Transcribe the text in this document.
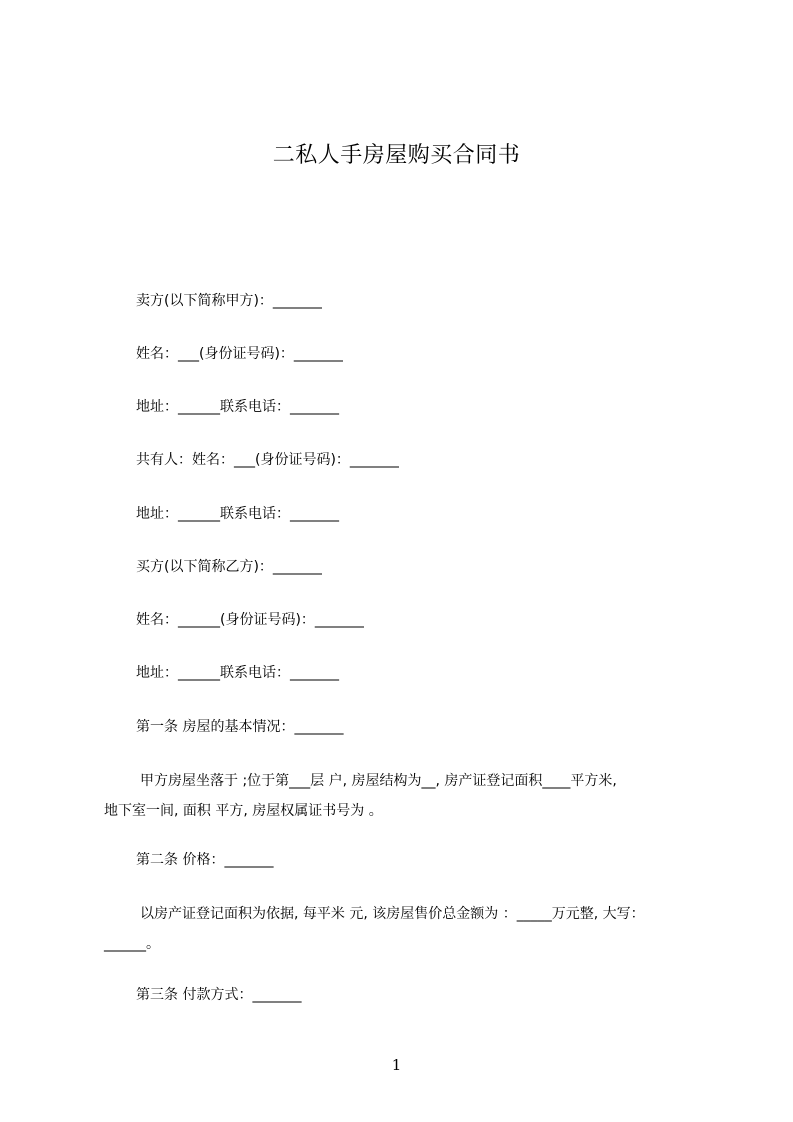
二私人手房屋购买合同书
卖方(以下简称甲方)：_______
姓名：___(身份证号码)：_______
地址：______联系电话：_______
共有人：姓名：___(身份证号码)：_______
地址：______联系电话：_______
买方(以下简称乙方)：_______
姓名：______(身份证号码)：_______
地址：______联系电话：_______
第一条 房屋的基本情况：_______
甲方房屋坐落于 ;位于第___层 户, 房屋结构为__, 房产证登记面积____平方米,
地下室一间, 面积 平方, 房屋权属证书号为 。
第二条 价格：_______
以房产证登记面积为依据, 每平米 元, 该房屋售价总金额为 ：_____万元整, 大写：
______。
第三条 付款方式：_______
1
